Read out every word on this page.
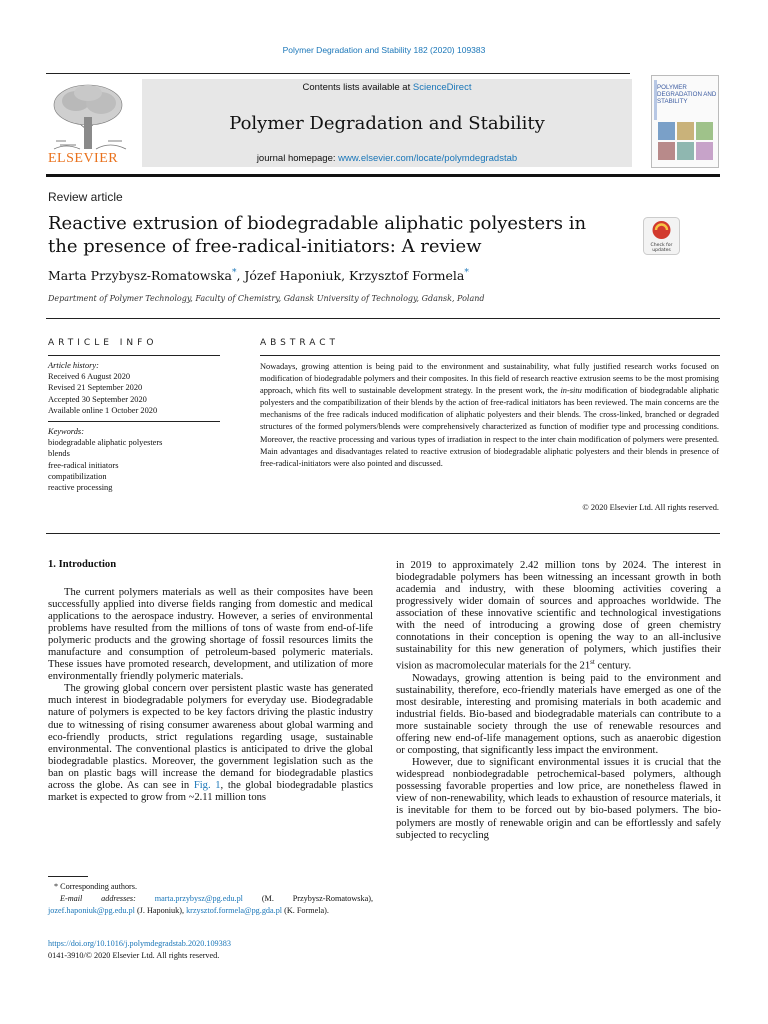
Polymer Degradation and Stability 182 (2020) 109383
ELSEVIER
Contents lists available at ScienceDirect
Polymer Degradation and Stability
journal homepage: www.elsevier.com/locate/polymdegradstab
POLYMER DEGRADATION AND STABILITY
Review article
Reactive extrusion of biodegradable aliphatic polyesters in the presence of free-radical-initiators: A review	Check for
updates
Marta Przybysz-Romatowska*, Józef Haponiuk, Krzysztof Formela*
Department of Polymer Technology, Faculty of Chemistry, Gdansk University of Technology, Gdansk, Poland
ARTICLE INFO
Article history:
Received 6 August 2020
Revised 21 September 2020
Accepted 30 September 2020
Available online 1 October 2020
Keywords:
biodegradable aliphatic polyesters
blends
free-radical initiators
compatibilization
reactive processing
ABSTRACT
Nowadays, growing attention is being paid to the environment and sustainability, what fully justified research works focused on modification of biodegradable polymers and their composites. In this field of research reactive extrusion seems to be the most promising approach, which fits well to sustainable development strategy. In the present work, the in-situ modification of biodegradable aliphatic polyesters and the compatibilization of their blends by the action of free-radical initiators has been reviewed. The main concerns are the mechanisms of the free radicals induced modification of aliphatic polyesters and their blends. The cross-linked, branched or degraded structures of the formed polymers/blends were comprehensively characterized as function of modifier type and processing conditions. Moreover, the reactive processing and various types of irradiation in respect to the inter chain modification of polymers were presented. Main advantages and disadvantages related to reactive extrusion of biodegradable aliphatic polyesters and their blends in presence of free-radical-initiators were also pointed and discussed.
© 2020 Elsevier Ltd. All rights reserved.
1. Introduction

The current polymers materials as well as their composites have been successfully applied into diverse fields ranging from domestic and medical applications to the aerospace industry. However, a series of environmental problems have resulted from the millions of tons of waste from end-of-life polymeric products and the growing shortage of fossil resources limits the manufacture and consumption of petroleum-based polymeric materials. These issues have promoted research, development, and utilization of more environmentally friendly polymeric materials.

The growing global concern over persistent plastic waste has generated much interest in biodegradable polymers for everyday use. Biodegradable nature of polymers is expected to be key factors driving the plastic industry due to witnessing of rising consumer awareness about global warming and eco-friendly products, strict regulations regarding usage, sustainable environmental. The conventional plastics is anticipated to drive the global biodegradable plastics. Moreover, the government legislation such as the ban on plastic bags will increase the demand for biodegradable plastics across the globe. As can see in Fig. 1, the global biodegradable plastics market is expected to grow from ~2.11 million tons

in 2019 to approximately 2.42 million tons by 2024. The interest in biodegradable polymers has been witnessing an incessant growth in both academia and industry, with these blooming activities covering a progressively wider domain of sources and approaches worldwide. The association of these innovative scientific and technological investigations with the need of introducing a growing dose of green chemistry connotations in their conception is opening the way to an all-inclusive sustainability for this new generation of polymers, which justifies their vision as macromolecular materials for the 21st century.

Nowadays, growing attention is being paid to the environment and sustainability, therefore, eco-friendly materials have emerged as one of the most desirable, interesting and promising materials in both academic and industrial fields. Bio-based and biodegradable materials can contribute to a more sustainable society through the use of renewable resources and offering new end-of-life management options, such as anaerobic digestion or composting, that significantly less impact the environment.

However, due to significant environmental issues it is crucial that the widespread nonbiodegradable petrochemical-based polymers, although possessing favorable properties and low price, are nonetheless flawed in view of non-renewability, which leads to exhaustion of resource materials, it is inevitable for them to be forced out by bio-based polymers. The bio-polymers are mostly of renewable origin and can be effortlessly and safely subjected to recycling

* Corresponding authors.
E-mail addresses: marta.przybysz@pg.edu.pl (M. Przybysz-Romatowska), jozef.haponiuk@pg.edu.pl (J. Haponiuk), krzysztof.formela@pg.gda.pl (K. Formela).
https://doi.org/10.1016/j.polymdegradstab.2020.109383
0141-3910/© 2020 Elsevier Ltd. All rights reserved.
